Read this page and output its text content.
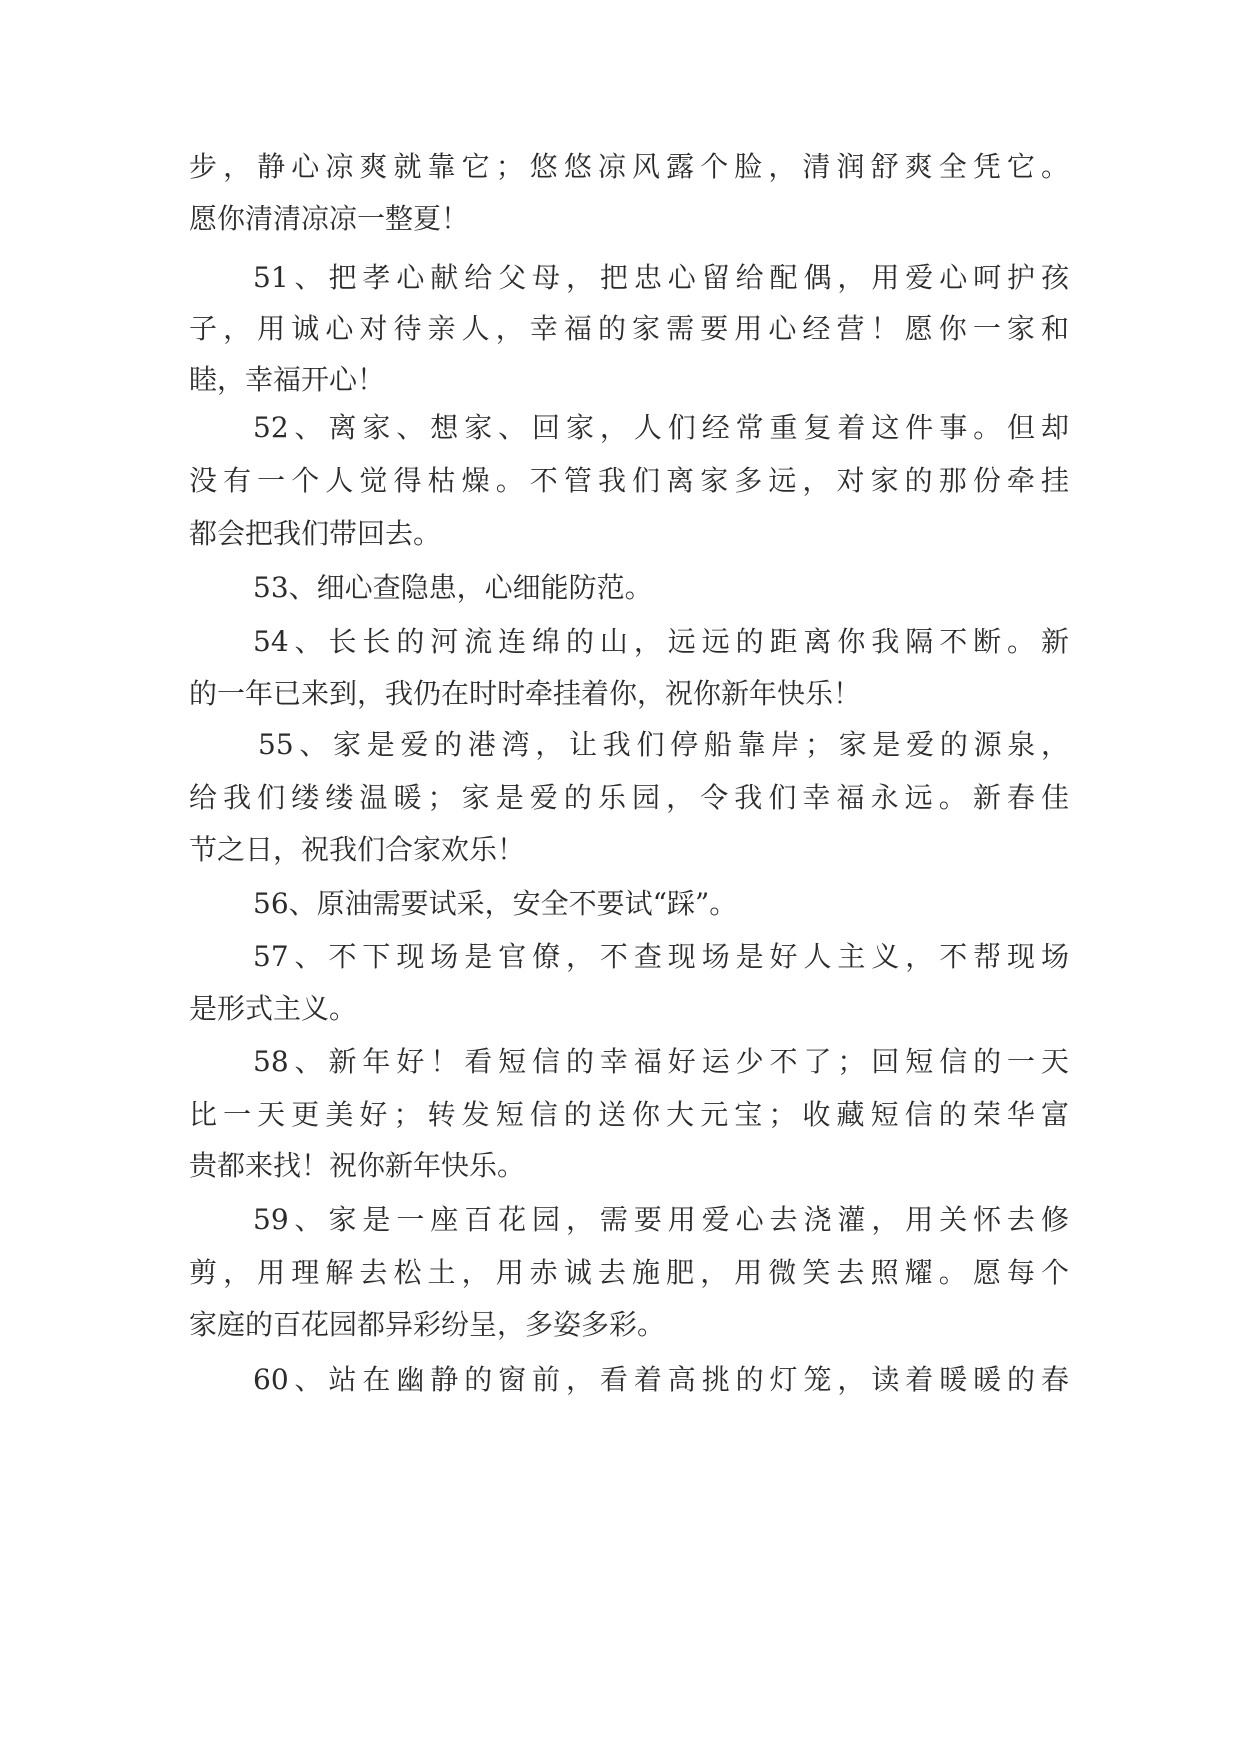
步，静心凉爽就靠它；悠悠凉风露个脸，清润舒爽全凭它。
愿你清清凉凉一整夏！
51、把孝心献给父母，把忠心留给配偶，用爱心呵护孩
子，用诚心对待亲人，幸福的家需要用心经营！愿你一家和
睦，幸福开心！
52、离家、想家、回家，人们经常重复着这件事。但却
没有一个人觉得枯燥。不管我们离家多远，对家的那份牵挂
都会把我们带回去。
53、细心查隐患，心细能防范。
54、长长的河流连绵的山，远远的距离你我隔不断。新
的一年已来到，我仍在时时牵挂着你，祝你新年快乐！
55、家是爱的港湾，让我们停船靠岸；家是爱的源泉，
给我们缕缕温暖；家是爱的乐园，令我们幸福永远。新春佳
节之日，祝我们合家欢乐！
56、原油需要试采，安全不要试“踩”。
57、不下现场是官僚，不查现场是好人主义，不帮现场
是形式主义。
58、新年好！看短信的幸福好运少不了；回短信的一天
比一天更美好；转发短信的送你大元宝；收藏短信的荣华富
贵都来找！祝你新年快乐。
59、家是一座百花园，需要用爱心去浇灌，用关怀去修
剪，用理解去松土，用赤诚去施肥，用微笑去照耀。愿每个
家庭的百花园都异彩纷呈，多姿多彩。
60、站在幽静的窗前，看着高挑的灯笼，读着暖暖的春
